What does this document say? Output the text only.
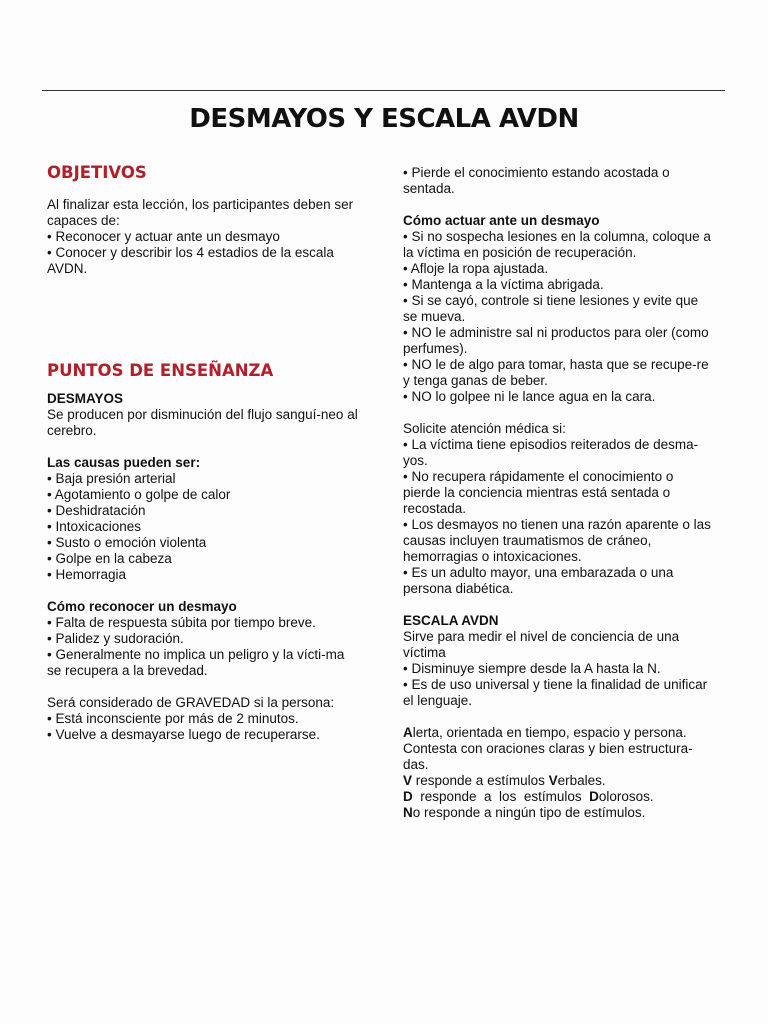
DESMAYOS Y ESCALA AVDN
OBJETIVOS

Al finalizar esta lección, los participantes deben ser capaces de:

• Reconocer y actuar ante un desmayo

• Conocer y describir los 4 estadios de la escala AVDN.

PUNTOS DE ENSEÑANZA

DESMAYOS

Se producen por disminución del flujo sanguí-neo al cerebro.

Las causas pueden ser:

• Baja presión arterial

• Agotamiento o golpe de calor

• Deshidratación

• Intoxicaciones

• Susto o emoción violenta

• Golpe en la cabeza

• Hemorragia

Cómo reconocer un desmayo

• Falta de respuesta súbita por tiempo breve.

• Palidez y sudoración.

• Generalmente no implica un peligro y la vícti-ma se recupera a la brevedad.

Será considerado de GRAVEDAD si la persona:

• Está inconsciente por más de 2 minutos.

• Vuelve a desmayarse luego de recuperarse.

• Pierde el conocimiento estando acostada o sentada.

Cómo actuar ante un desmayo

• Si no sospecha lesiones en la columna, coloque a la víctima en posición de recuperación.

• Afloje la ropa ajustada.

• Mantenga a la víctima abrigada.

• Si se cayó, controle si tiene lesiones y evite que se mueva.

• NO le administre sal ni productos para oler (como perfumes).

• NO le de algo para tomar, hasta que se recupe-re y tenga ganas de beber.

• NO lo golpee ni le lance agua en la cara.

Solicite atención médica si:

• La víctima tiene episodios reiterados de desma-yos.

• No recupera rápidamente el conocimiento o pierde la conciencia mientras está sentada o recostada.

• Los desmayos no tienen una razón aparente o las causas incluyen traumatismos de cráneo, hemorragias o intoxicaciones.

• Es un adulto mayor, una embarazada o una persona diabética.

ESCALA AVDN

Sirve para medir el nivel de conciencia de una víctima

• Disminuye siempre desde la A hasta la N.

• Es de uso universal y tiene la finalidad de unificar el lenguaje.

Alerta, orientada en tiempo, espacio y persona. Contesta con oraciones claras y bien estructura-das.

V responde a estímulos Verbales.

D  responde  a  los  estímulos  Dolorosos.

No responde a ningún tipo de estímulos.
